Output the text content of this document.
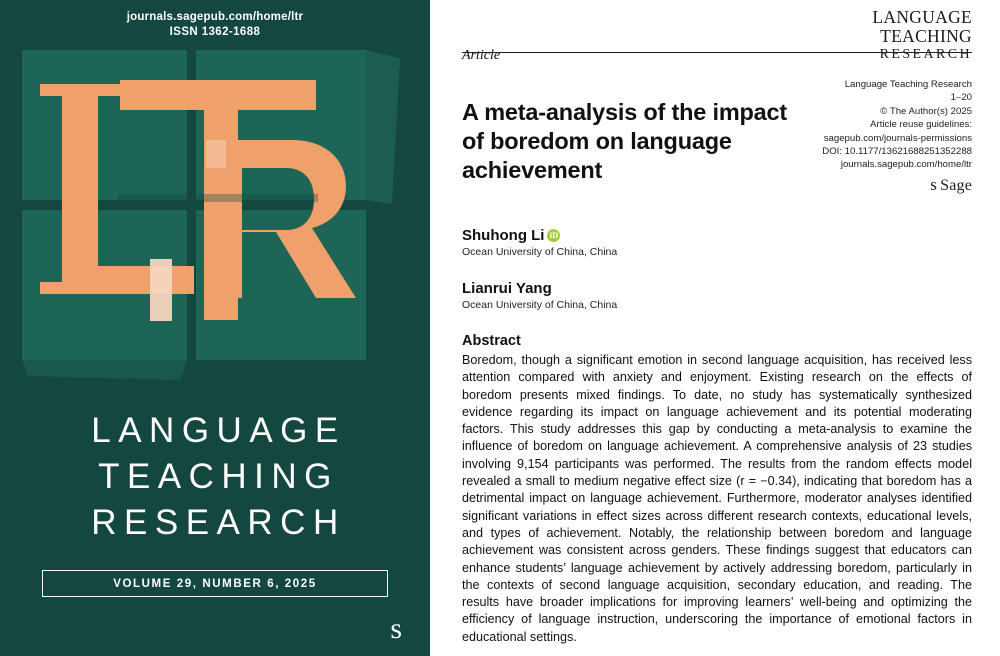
journals.sagepub.com/home/ltr
ISSN 1362-1688
LANGUAGE
TEACHING
RESEARCH
VOLUME 29, NUMBER 6, 2025
s
LANGUAGE
TEACHING
RESEARCH
Article
Language Teaching Research
1–20
© The Author(s) 2025
Article reuse guidelines:
sagepub.com/journals-permissions
DOI: 10.1177/13621688251352288
journals.sagepub.com/home/ltr
s Sage
A meta-analysis of the impact of boredom on language achievement
Shuhong Li iD
Ocean University of China, China
Lianrui Yang
Ocean University of China, China
Abstract
Boredom, though a significant emotion in second language acquisition, has received less attention compared with anxiety and enjoyment. Existing research on the effects of boredom presents mixed findings. To date, no study has systematically synthesized evidence regarding its impact on language achievement and its potential moderating factors. This study addresses this gap by conducting a meta-analysis to examine the influence of boredom on language achievement. A comprehensive analysis of 23 studies involving 9,154 participants was performed. The results from the random effects model revealed a small to medium negative effect size (r = −0.34), indicating that boredom has a detrimental impact on language achievement. Furthermore, moderator analyses identified significant variations in effect sizes across different research contexts, educational levels, and types of achievement. Notably, the relationship between boredom and language achievement was consistent across genders. These findings suggest that educators can enhance students’ language achievement by actively addressing boredom, particularly in the contexts of second language acquisition, secondary education, and reading. The results have broader implications for improving learners’ well-being and optimizing the efficiency of language instruction, underscoring the importance of emotional factors in educational settings.
